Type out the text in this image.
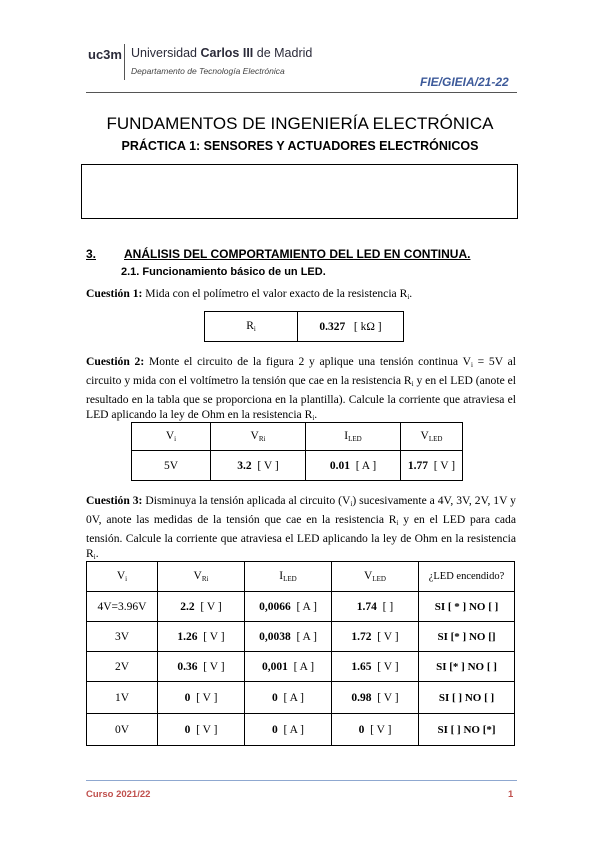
uc3m Universidad Carlos III de Madrid
Departamento de Tecnología Electrónica
FIE/GIEIA/21-22
FUNDAMENTOS DE INGENIERÍA ELECTRÓNICA
PRÁCTICA 1: SENSORES Y ACTUADORES ELECTRÓNICOS
3. ANÁLISIS DEL COMPORTAMIENTO DEL LED EN CONTINUA.
2.1. Funcionamiento básico de un LED.
Cuestión 1: Mida con el polímetro el valor exacto de la resistencia $R_i$.
$R_i$	0.327 [ kΩ ]
Cuestión 2: Monte el circuito de la figura 2 y aplique una tensión continua $V_i = 5V$ al circuito y mida con el voltímetro la tensión que cae en la resistencia $R_i$ y en el LED (anote el resultado en la tabla que se proporciona en la plantilla). Calcule la corriente que atraviesa el LED aplicando la ley de Ohm en la resistencia $R_i$.
$V_i$	$V_{Ri}$	$I_{LED}$	$V_{LED}$
5V	3.2 [ V ]	0.01 [ A ]	1.77 [ V ]
Cuestión 3: Disminuya la tensión aplicada al circuito $(V_i)$ sucesivamente a 4V, 3V, 2V, 1V y 0V, anote las medidas de la tensión que cae en la resistencia $R_i$ y en el LED para cada tensión. Calcule la corriente que atraviesa el LED aplicando la ley de Ohm en la resistencia $R_i$.
$V_i$	$V_{Ri}$	$I_{LED}$	$V_{LED}$	¿LED encendido?
4V=3.96V	2.2 [ V ]	0,0066 [ A ]	1.74 [ ]	SI [ * ] NO [ ]
3V	1.26 [ V ]	0,0038 [ A ]	1.72 [ V ]	SI [* ] NO []
2V	0.36 [ V ]	0,001 [ A ]	1.65 [ V ]	SI [* ] NO [ ]
1V	0 [ V ]	0 [ A ]	0.98 [ V ]	SI [ ] NO [ ]
0V	0 [ V ]	0 [ A ]	0 [ V ]	SI [ ] NO [*]
Curso 2021/22	1
